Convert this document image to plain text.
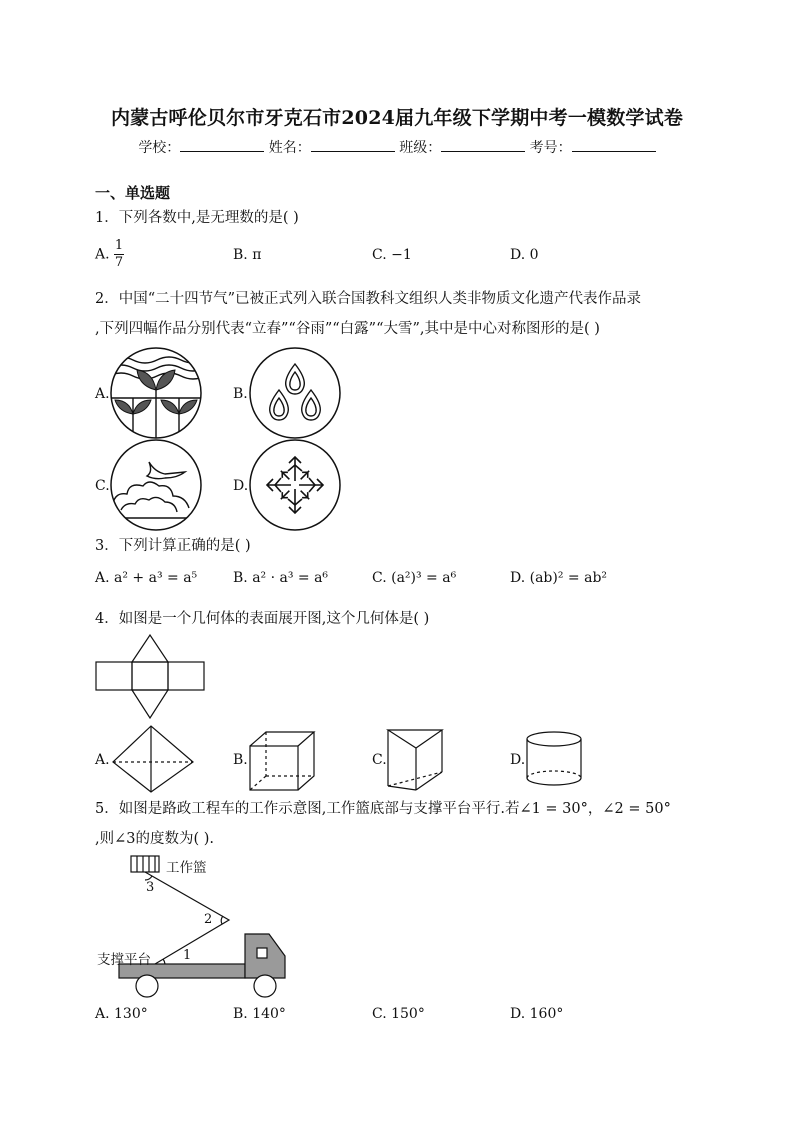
内蒙古呼伦贝尔市牙克石市2024届九年级下学期中考一模数学试卷
学校：	姓名：	班级：	考号：
一、单选题
1．下列各数中,是无理数的是( )
A. $\frac{1}{7}$	B. π	C. −1	D. 0
2．中国“二十四节气”已被正式列入联合国教科文组织人类非物质文化遗产代表作品录
,下列四幅作品分别代表“立春”“谷雨”“白露”“大雪”,其中是中心对称图形的是( )
A.	B.
C.	D.
3．下列计算正确的是( )
A. a² + a³ = a⁵	B. a² · a³ = a⁶	C. (a²)³ = a⁶	D. (ab)² = ab²
4．如图是一个几何体的表面展开图,这个几何体是( )
A.	B.	C.	D.
5．如图是路政工程车的工作示意图,工作篮底部与支撑平台平行.若∠1 = 30°，∠2 = 50°
,则∠3的度数为( ).
工作篮
支撑平台
3
2
1
A. 130°	B. 140°	C. 150°	D. 160°
